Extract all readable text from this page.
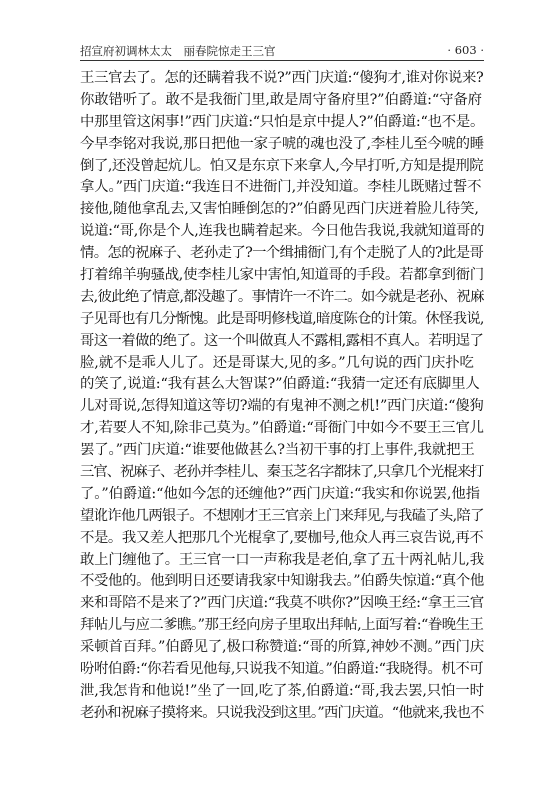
招宣府初调林太太　丽春院惊走王三官	· 603 ·
王三官去了。怎的还瞒着我不说?”西门庆道:“傻狗才,谁对你说来?
你敢错听了。敢不是我衙门里,敢是周守备府里?”伯爵道:“守备府
中那里管这闲事!”西门庆道:“只怕是京中提人?”伯爵道:“也不是。
今早李铭对我说,那日把他一家子唬的魂也没了,李桂儿至今唬的睡
倒了,还没曾起炕儿。怕又是东京下来拿人,今早打听,方知是提刑院
拿人。”西门庆道:“我连日不进衙门,并没知道。李桂儿既赌过誓不
接他,随他拿乱去,又害怕睡倒怎的?”伯爵见西门庆迸着脸儿待笑,
说道:“哥,你是个人,连我也瞒着起来。今日他告我说,我就知道哥的
情。怎的祝麻子、老孙走了?一个缉捕衙门,有个走脱了人的?此是哥
打着绵羊驹骚战,使李桂儿家中害怕,知道哥的手段。若都拿到衙门
去,彼此绝了情意,都没趣了。事情许一不许二。如今就是老孙、祝麻
子见哥也有几分惭愧。此是哥明修栈道,暗度陈仓的计策。休怪我说,
哥这一着做的绝了。这一个叫做真人不露相,露相不真人。若明逞了
脸,就不是乖人儿了。还是哥谋大,见的多。”几句说的西门庆扑吃
的笑了,说道:“我有甚么大智谋?”伯爵道:“我猜一定还有底脚里人
儿对哥说,怎得知道这等切?端的有鬼神不测之机!”西门庆道:“傻狗
才,若要人不知,除非己莫为。”伯爵道:“哥衙门中如今不要王三官儿
罢了。”西门庆道:“谁要他做甚么?当初干事的打上事件,我就把王
三官、祝麻子、老孙并李桂儿、秦玉芝名字都抹了,只拿几个光棍来打
了。”伯爵道:“他如今怎的还缠他?”西门庆道:“我实和你说罢,他指
望讹诈他几两银子。不想刚才王三官亲上门来拜见,与我磕了头,陪了
不是。我又差人把那几个光棍拿了,要枷号,他众人再三哀告说,再不
敢上门缠他了。王三官一口一声称我是老伯,拿了五十两礼帖儿,我
不受他的。他到明日还要请我家中知谢我去。”伯爵失惊道:“真个他
来和哥陪不是来了?”西门庆道:“我莫不哄你?”因唤王经:“拿王三官
拜帖儿与应二爹瞧。”那王经向房子里取出拜帖,上面写着:“眷晚生王
采顿首百拜。”伯爵见了,极口称赞道:“哥的所算,神妙不测。”西门庆
吩咐伯爵:“你若看见他每,只说我不知道。”伯爵道:“我晓得。机不可
泄,我怎肯和他说!”坐了一回,吃了茶,伯爵道:“哥,我去罢,只怕一时
老孙和祝麻子摸将来。只说我没到这里。”西门庆道。“他就来,我也不
